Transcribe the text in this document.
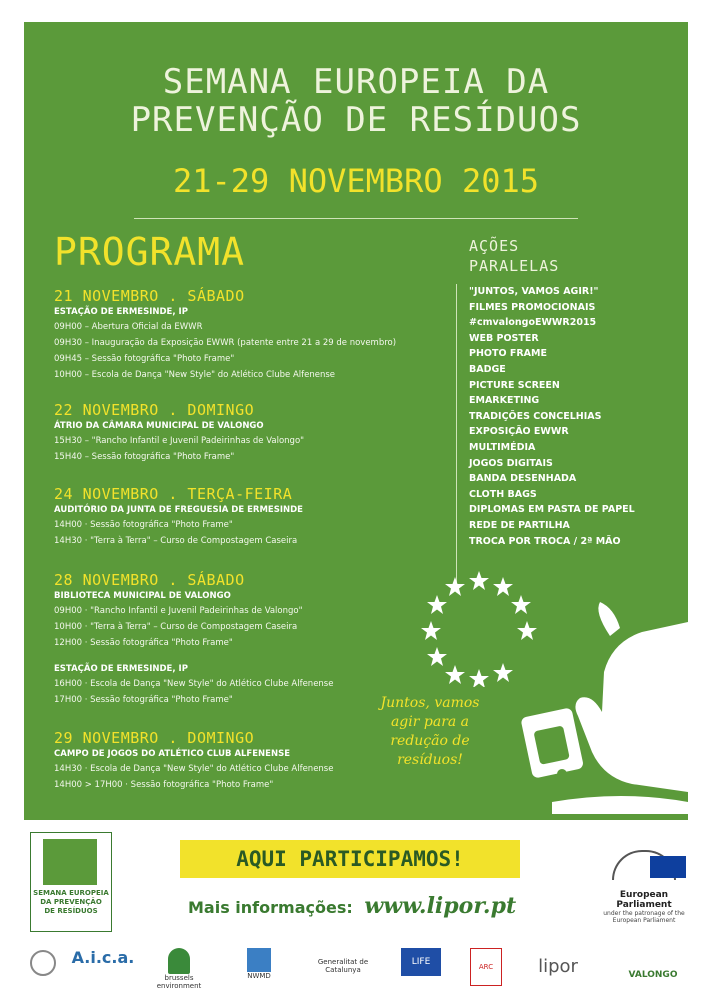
SEMANA EUROPEIA DA
PREVENÇÃO DE RESÍDUOS
21-29 NOVEMBRO 2015
PROGRAMA	AÇÕES
PARALELAS
"JUNTOS, VAMOS AGIR!"
FILMES PROMOCIONAIS
#cmvalongoEWWR2015
WEB POSTER
PHOTO FRAME
BADGE
PICTURE SCREEN
EMARKETING
TRADIÇÕES CONCELHIAS
EXPOSIÇÃO EWWR
MULTIMÉDIA
JOGOS DIGITAIS
BANDA DESENHADA
CLOTH BAGS
DIPLOMAS EM PASTA DE PAPEL
REDE DE PARTILHA
TROCA POR TROCA / 2ª MÃO
21 NOVEMBRO . SÁBADO
ESTAÇÃO DE ERMESINDE, IP
09H00 – Abertura Oficial da EWWR
09H30 – Inauguração da Exposição EWWR (patente entre 21 a 29 de novembro)
09H45 – Sessão fotográfica "Photo Frame"
10H00 – Escola de Dança "New Style" do Atlético Clube Alfenense
22 NOVEMBRO . DOMINGO
ÁTRIO DA CÂMARA MUNICIPAL DE VALONGO
15H30 – "Rancho Infantil e Juvenil Padeirinhas de Valongo"
15H40 – Sessão fotográfica "Photo Frame"
24 NOVEMBRO . TERÇA-FEIRA
AUDITÓRIO DA JUNTA DE FREGUESIA DE ERMESINDE
14H00 · Sessão fotográfica "Photo Frame"
14H30 · "Terra à Terra" – Curso de Compostagem Caseira
28 NOVEMBRO . SÁBADO
BIBLIOTECA MUNICIPAL DE VALONGO
09H00 · "Rancho Infantil e Juvenil Padeirinhas de Valongo"
10H00 · "Terra à Terra" – Curso de Compostagem Caseira
12H00 · Sessão fotográfica "Photo Frame"
ESTAÇÃO DE ERMESINDE, IP
16H00 · Escola de Dança "New Style" do Atlético Clube Alfenense
17H00 · Sessão fotográfica "Photo Frame"
29 NOVEMBRO . DOMINGO
CAMPO DE JOGOS DO ATLÉTICO CLUB ALFENENSE
14H30 · Escola de Dança "New Style" do Atlético Clube Alfenense
14H00 > 17H00 · Sessão fotográfica "Photo Frame"
Juntos, vamos
agir para a
redução de
resíduos!
SEMANA EUROPEIA
DA PREVENÇÃO
DE RESÍDUOS
AQUI PARTICIPAMOS!
Mais informações: www.lipor.pt	European Parliament
under the patronage of the European Parliament
A.i.c.a.
brussels environment
NWMD
Generalitat de Catalunya
LIFE	ARC	lipor	VALONGO
